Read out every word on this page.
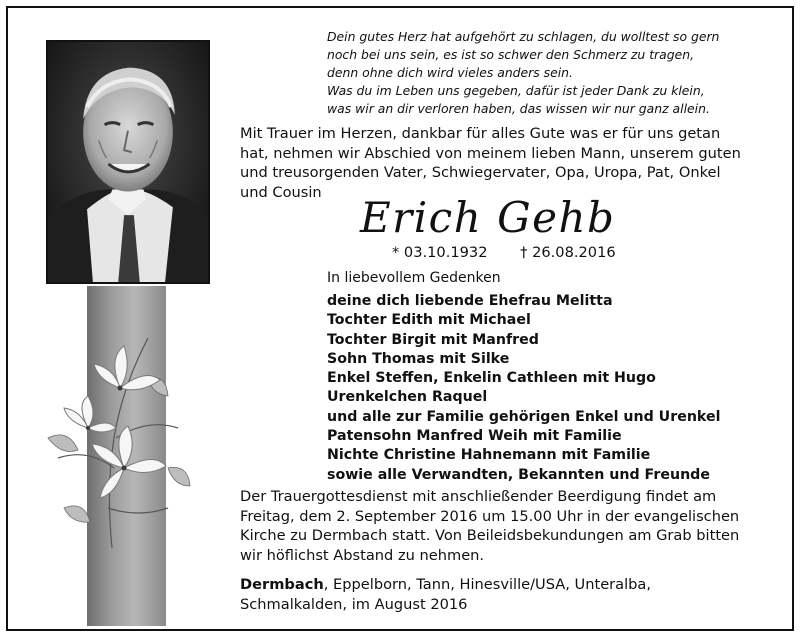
Dein gutes Herz hat aufgehört zu schlagen, du wolltest so gern
noch bei uns sein, es ist so schwer den Schmerz zu tragen,
denn ohne dich wird vieles anders sein.
Was du im Leben uns gegeben, dafür ist jeder Dank zu klein,
was wir an dir verloren haben, das wissen wir nur ganz allein.
Mit Trauer im Herzen, dankbar für alles Gute was er für uns getan
hat, nehmen wir Abschied von meinem lieben Mann, unserem guten
und treusorgenden Vater, Schwiegervater, Opa, Uropa, Pat, Onkel
und Cousin
Erich Gehb
* 03.10.1932 † 26.08.2016
In liebevollem Gedenken
deine dich liebende Ehefrau Melitta
Tochter Edith mit Michael
Tochter Birgit mit Manfred
Sohn Thomas mit Silke
Enkel Steffen, Enkelin Cathleen mit Hugo
Urenkelchen Raquel
und alle zur Familie gehörigen Enkel und Urenkel
Patensohn Manfred Weih mit Familie
Nichte Christine Hahnemann mit Familie
sowie alle Verwandten, Bekannten und Freunde
Der Trauergottesdienst mit anschließender Beerdigung findet am
Freitag, dem 2. September 2016 um 15.00 Uhr in der evangelischen
Kirche zu Dermbach statt. Von Beileidsbekundungen am Grab bitten
wir höflichst Abstand zu nehmen.
Dermbach, Eppelborn, Tann, Hinesville/USA, Unteralba,
Schmalkalden, im August 2016
